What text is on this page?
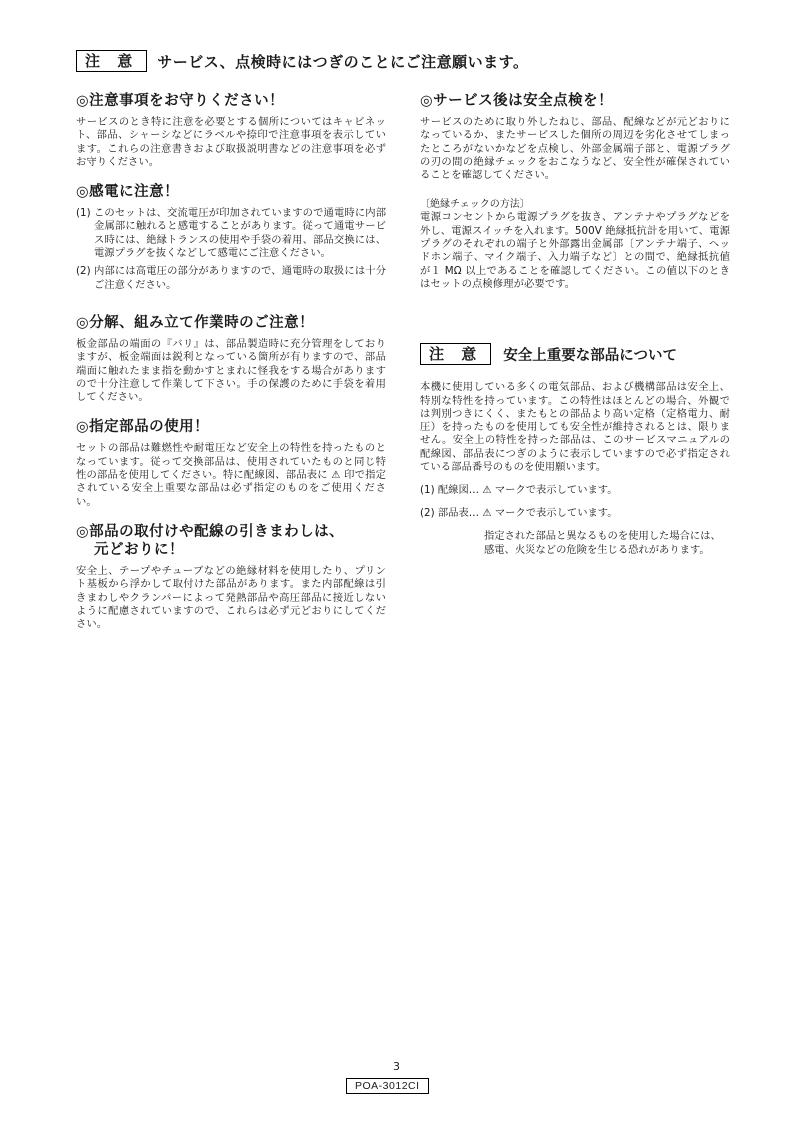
注 意	サービス、点検時にはつぎのことにご注意願います。
◎注意事項をお守りください！

サービスのとき特に注意を必要とする個所についてはキャビネット、部品、シャーシなどにラベルや捺印で注意事項を表示しています。これらの注意書きおよび取扱説明書などの注意事項を必ずお守りください。

◎感電に注意！
(1) このセットは、交流電圧が印加されていますので通電時に内部金属部に触れると感電することがあります。従って通電サービス時には、絶縁トランスの使用や手袋の着用、部品交換には、電源プラグを抜くなどして感電にご注意ください。
(2) 内部には高電圧の部分がありますので、通電時の取扱には十分ご注意ください。
◎分解、組み立て作業時のご注意！

板金部品の端面の『バリ』は、部品製造時に充分管理をしておりますが、板金端面は鋭利となっている箇所が有りますので、部品端面に触れたまま指を動かすとまれに怪我をする場合がありますので十分注意して作業して下さい。手の保護のために手袋を着用してください。

◎指定部品の使用！

セットの部品は難燃性や耐電圧など安全上の特性を持ったものとなっています。従って交換部品は、使用されていたものと同じ特性の部品を使用してください。特に配線図、部品表に ⚠ 印で指定されている安全上重要な部品は必ず指定のものをご使用ください。

◎部品の取付けや配線の引きまわしは、
元どおりに！

安全上、テープやチューブなどの絶縁材料を使用したり、プリント基板から浮かして取付けた部品があります。また内部配線は引きまわしやクランパーによって発熱部品や高圧部品に接近しないように配慮されていますので、これらは必ず元どおりにしてください。

◎サービス後は安全点検を！

サービスのために取り外したねじ、部品、配線などが元どおりになっているか、またサービスした個所の周辺を劣化させてしまったところがないかなどを点検し、外部金属端子部と、電源プラグの刃の間の絶縁チェックをおこなうなど、安全性が確保されていることを確認してください。

〔絶縁チェックの方法〕

電源コンセントから電源プラグを抜き、アンテナやプラグなどを外し、電源スイッチを入れます。500V 絶縁抵抗計を用いて、電源プラグのそれぞれの端子と外部露出金属部〔アンテナ端子、ヘッドホン端子、マイク端子、入力端子など〕との間で、絶縁抵抗値が１ MΩ 以上であることを確認してください。この値以下のときはセットの点検修理が必要です。

注 意	安全上重要な部品について

本機に使用している多くの電気部品、および機構部品は安全上、特別な特性を持っています。この特性はほとんどの場合、外観では判別つきにくく、またもとの部品より高い定格（定格電力、耐圧）を持ったものを使用しても安全性が維持されるとは、限りません。安全上の特性を持った部品は、このサービスマニュアルの配線図、部品表につぎのように表示していますので必ず指定されている部品番号のものを使用願います。

(1) 配線図… ⚠ マークで表示しています。

(2) 部品表… ⚠ マークで表示しています。

指定された部品と異なるものを使用した場合には、感電、火災などの危険を生じる恐れがあります。

3
POA-3012CI
